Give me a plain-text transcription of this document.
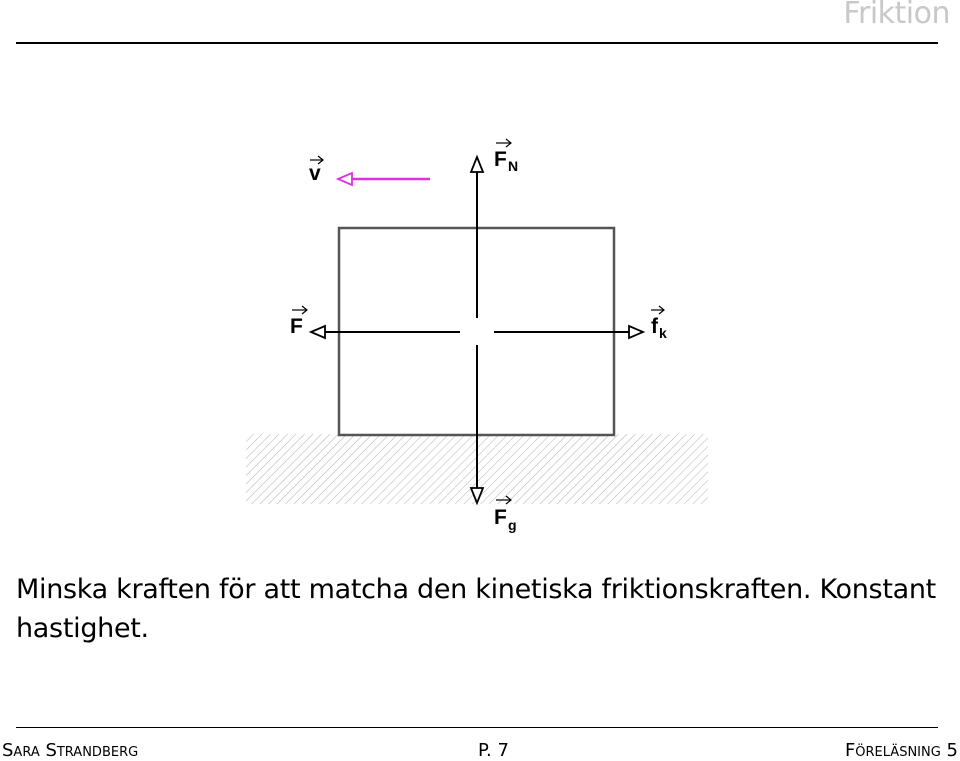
Friktion
v
F N
F	f k
F g
Minska kraften för att matcha den kinetiska friktionskraften. Konstant hastighet.
Sara Strandberg	P. 7	Föreläsning 5
